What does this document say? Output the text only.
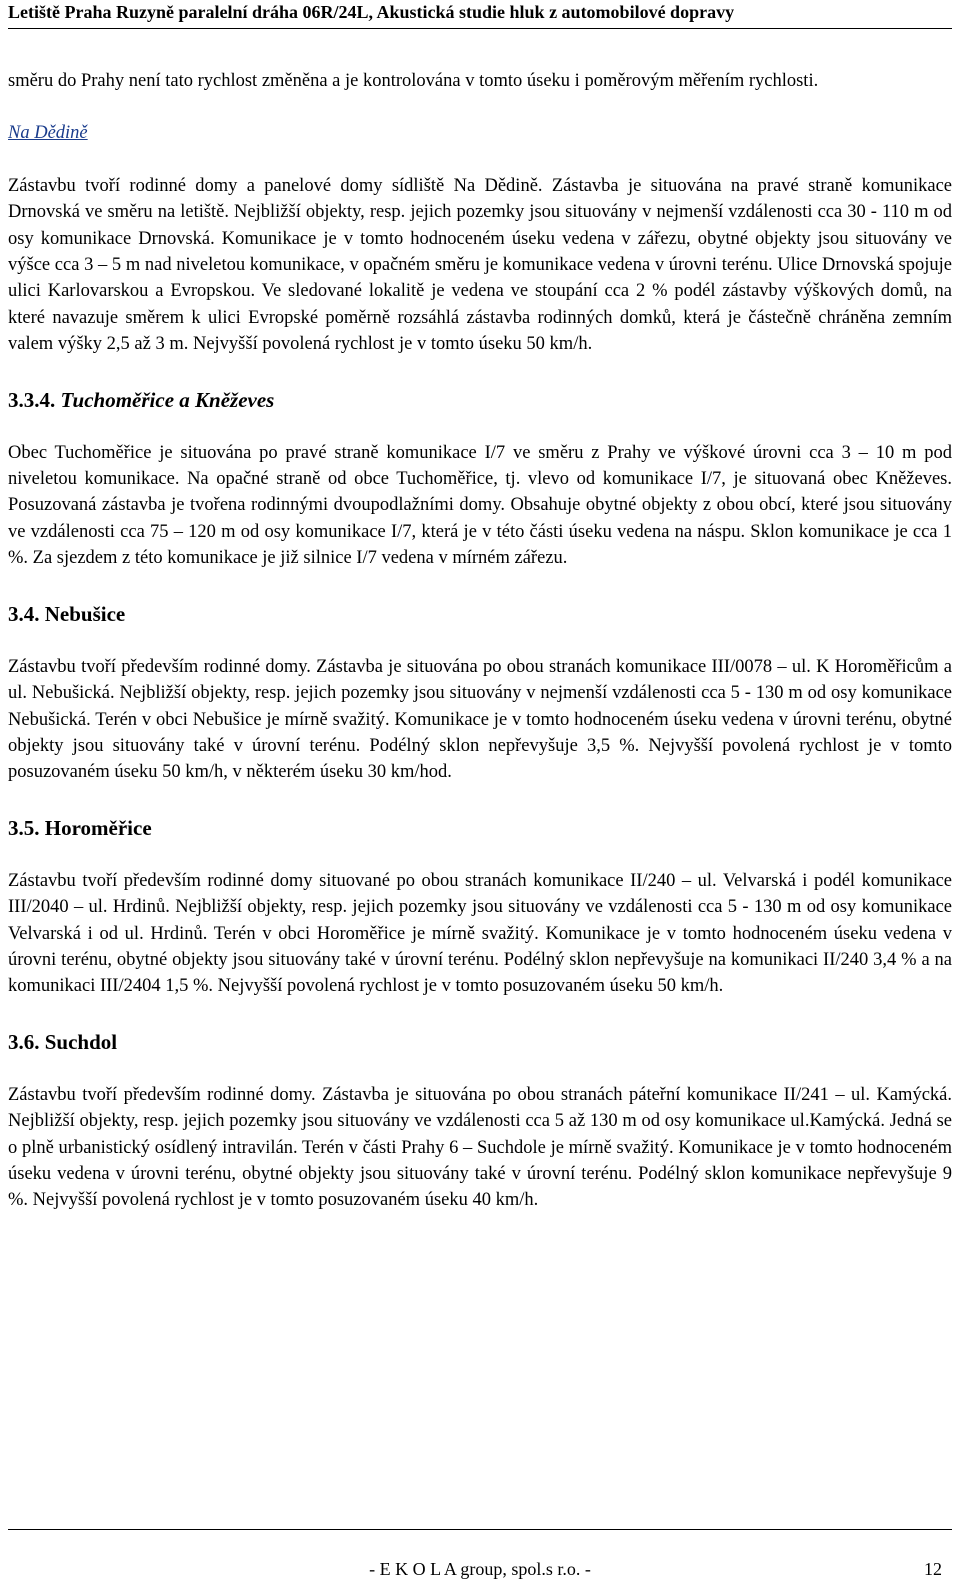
Letiště Praha Ruzyně paralelní dráha 06R/24L, Akustická studie hluk z automobilové dopravy

směru do Prahy není tato rychlost změněna a je kontrolována v tomto úseku i poměrovým měřením rychlosti.

Na Dědině

Zástavbu tvoří rodinné domy a panelové domy sídliště Na Dědině. Zástavba je situována na pravé straně komunikace Drnovská ve směru na letiště. Nejbližší objekty, resp. jejich pozemky jsou situovány v nejmenší vzdálenosti cca 30 - 110 m od osy komunikace Drnovská. Komunikace je v tomto hodnoceném úseku vedena v zářezu, obytné objekty jsou situovány ve výšce cca 3 – 5 m nad niveletou komunikace, v opačném směru je komunikace vedena v úrovni terénu. Ulice Drnovská spojuje ulici Karlovarskou a Evropskou. Ve sledované lokalitě je vedena ve stoupání cca 2 % podél zástavby výškových domů, na které navazuje směrem k ulici Evropské poměrně rozsáhlá zástavba rodinných domků, která je částečně chráněna zemním valem výšky 2,5 až 3 m. Nejvyšší povolená rychlost je v tomto úseku 50 km/h.

3.3.4. Tuchoměřice a Kněževes

Obec Tuchoměřice je situována po pravé straně komunikace I/7 ve směru z Prahy ve výškové úrovni cca 3 – 10 m pod niveletou komunikace. Na opačné straně od obce Tuchoměřice, tj. vlevo od komunikace I/7, je situovaná obec Kněževes. Posuzovaná zástavba je tvořena rodinnými dvoupodlažními domy. Obsahuje obytné objekty z obou obcí, které jsou situovány ve vzdálenosti cca 75 – 120 m od osy komunikace I/7, která je v této části úseku vedena na náspu. Sklon komunikace je cca 1 %. Za sjezdem z této komunikace je již silnice I/7 vedena v mírném zářezu.

3.4. Nebušice

Zástavbu tvoří především rodinné domy. Zástavba je situována po obou stranách komunikace III/0078 – ul. K Horoměřicům a ul. Nebušická. Nejbližší objekty, resp. jejich pozemky jsou situovány v nejmenší vzdálenosti cca 5 - 130 m od osy komunikace Nebušická. Terén v obci Nebušice je mírně svažitý. Komunikace je v tomto hodnoceném úseku vedena v úrovni terénu, obytné objekty jsou situovány také v úrovní terénu. Podélný sklon nepřevyšuje 3,5 %. Nejvyšší povolená rychlost je v tomto posuzovaném úseku 50 km/h, v některém úseku 30 km/hod.

3.5. Horoměřice

Zástavbu tvoří především rodinné domy situované po obou stranách komunikace II/240 – ul. Velvarská i podél komunikace III/2040 – ul. Hrdinů. Nejbližší objekty, resp. jejich pozemky jsou situovány ve vzdálenosti cca 5 - 130 m od osy komunikace Velvarská i od ul. Hrdinů. Terén v obci Horoměřice je mírně svažitý. Komunikace je v tomto hodnoceném úseku vedena v úrovni terénu, obytné objekty jsou situovány také v úrovní terénu. Podélný sklon nepřevyšuje na komunikaci II/240 3,4 % a na komunikaci III/2404 1,5 %. Nejvyšší povolená rychlost je v tomto posuzovaném úseku 50 km/h.

3.6. Suchdol

Zástavbu tvoří především rodinné domy. Zástavba je situována po obou stranách páteřní komunikace II/241 – ul. Kamýcká. Nejbližší objekty, resp. jejich pozemky jsou situovány ve vzdálenosti cca 5 až 130 m od osy komunikace ul.Kamýcká. Jedná se o plně urbanistický osídlený intravilán. Terén v části Prahy 6 – Suchdole je mírně svažitý. Komunikace je v tomto hodnoceném úseku vedena v úrovni terénu, obytné objekty jsou situovány také v úrovní terénu. Podélný sklon komunikace nepřevyšuje 9 %. Nejvyšší povolená rychlost je v tomto posuzovaném úseku 40 km/h.

- E K O L A group, spol.s r.o. -	12
